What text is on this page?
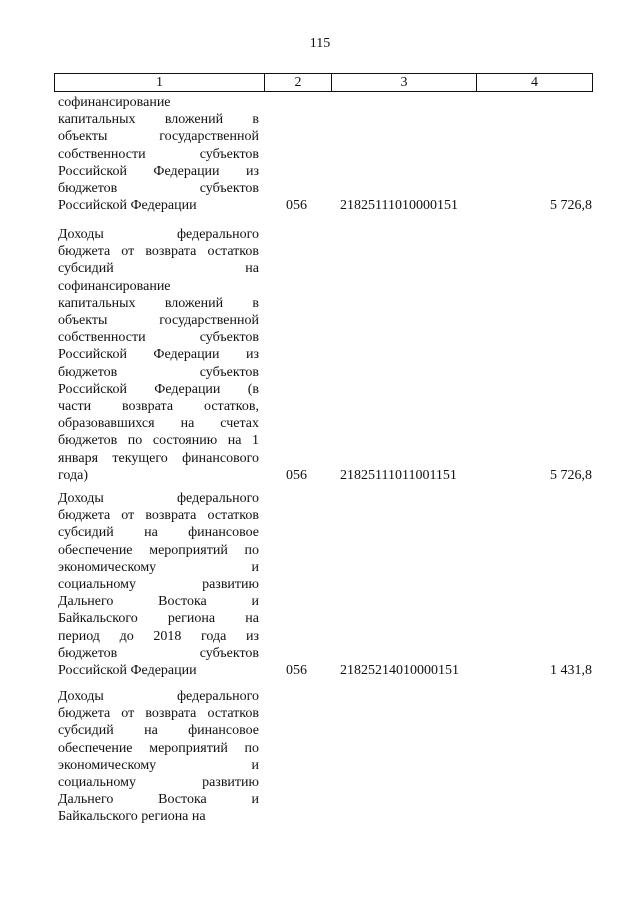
115
1	2	3	4
софинансирование
капитальных вложений в
объекты государственной
собственности субъектов
Российской Федерации из
бюджетов субъектов
Российской Федерации	056	21825111010000151	5 726,8
Доходы федерального
бюджета от возврата остатков
субсидий на
софинансирование
капитальных вложений в
объекты государственной
собственности субъектов
Российской Федерации из
бюджетов субъектов
Российской Федерации (в
части возврата остатков,
образовавшихся на счетах
бюджетов по состоянию на 1
января текущего финансового
года)	056	21825111011001151	5 726,8
Доходы федерального
бюджета от возврата остатков
субсидий на финансовое
обеспечение мероприятий по
экономическому и
социальному развитию
Дальнего Востока и
Байкальского региона на
период до 2018 года из
бюджетов субъектов
Российской Федерации	056	21825214010000151	1 431,8
Доходы федерального
бюджета от возврата остатков
субсидий на финансовое
обеспечение мероприятий по
экономическому и
социальному развитию
Дальнего Востока и
Байкальского региона на
